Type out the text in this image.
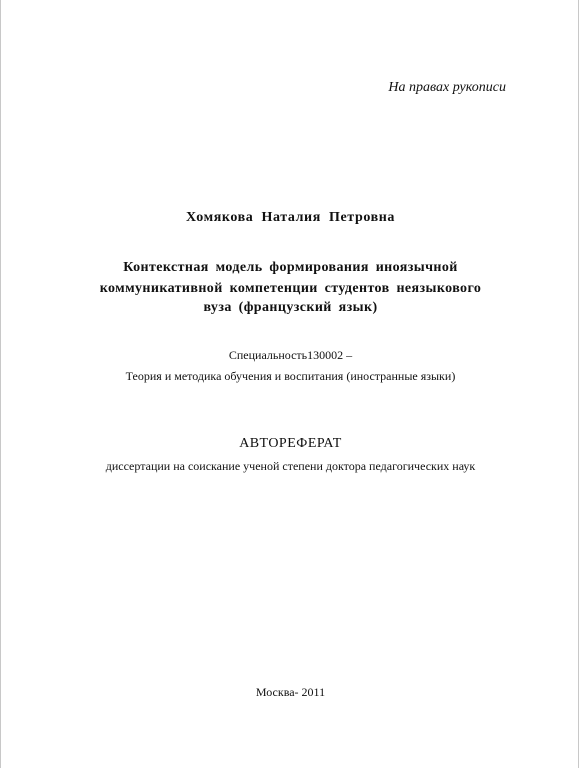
На правах рукописи
Хомякова Наталия Петровна
Контекстная модель формирования иноязычной
коммуникативной компетенции студентов неязыкового
вуза (французский язык)
Специальность130002 –
Теория и методика обучения и воспитания (иностранные языки)
АВТОРЕФЕРАТ
диссертации на соискание ученой степени доктора педагогических наук
Москва- 2011
